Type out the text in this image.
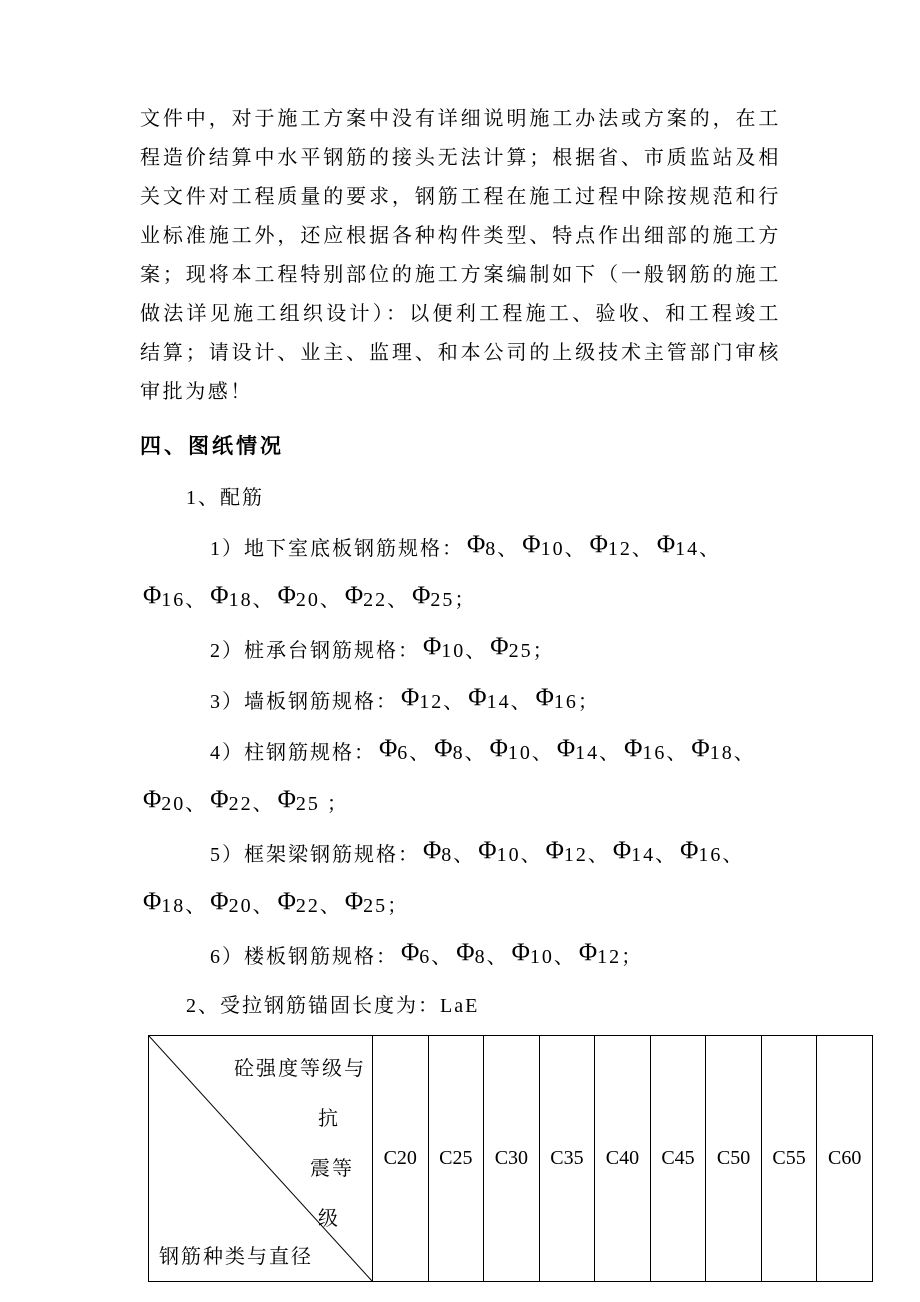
文件中，对于施工方案中没有详细说明施工办法或方案的，在工程造价结算中水平钢筋的接头无法计算；根据省、市质监站及相关文件对工程质量的要求，钢筋工程在施工过程中除按规范和行业标准施工外，还应根据各种构件类型、特点作出细部的施工方案；现将本工程特别部位的施工方案编制如下（一般钢筋的施工做法详见施工组织设计）：以便利工程施工、验收、和工程竣工结算；请设计、业主、监理、和本公司的上级技术主管部门审核审批为感！

四、图纸情况

1、配筋

1）地下室底板钢筋规格： Φ8、 Φ10、 Φ12、 Φ14、Φ16、 Φ18、 Φ20、 Φ22、 Φ25；

2）桩承台钢筋规格： Φ10、 Φ25；

3）墙板钢筋规格： Φ12、 Φ14、 Φ16；

4）柱钢筋规格： Φ6、 Φ8、 Φ10、 Φ14、 Φ16、 Φ18、Φ20、 Φ22、 Φ25 ；

5）框架梁钢筋规格： Φ8、 Φ10、 Φ12、 Φ14、 Φ16、Φ18、 Φ20、 Φ22、 Φ25；

6）楼板钢筋规格： Φ6、 Φ8、 Φ10、 Φ12；

2、受拉钢筋锚固长度为：LaE

砼强度等级与
抗
震等
级
钢筋种类与直径
	C20	C25	C30	C35	C40	C45	C50	C55	C60
